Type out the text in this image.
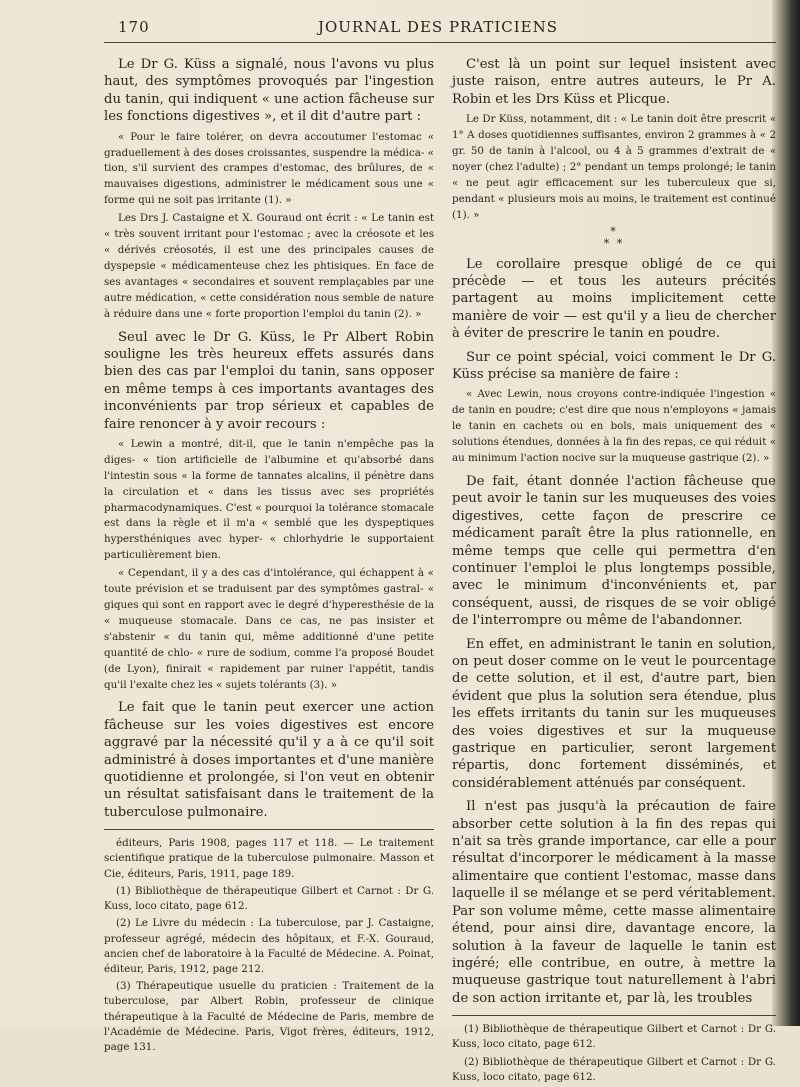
170	JOURNAL DES PRATICIENS

Le Dr G. Küss a signalé, nous l'avons vu plus haut, des symptômes provoqués par l'ingestion du tanin, qui indiquent « une action fâcheuse sur les fonctions digestives », et il dit d'autre part :

« Pour le faire tolérer, on devra accoutumer l'estomac « graduellement à des doses croissantes, suspendre la médica- « tion, s'il survient des crampes d'estomac, des brûlures, de « mauvaises digestions, administrer le médicament sous une « forme qui ne soit pas irritante (1). »

Les Drs J. Castaigne et X. Gouraud ont écrit : « Le tanin est « très souvent irritant pour l'estomac ; avec la créosote et les « dérivés créosotés, il est une des principales causes de dyspepsie « médicamenteuse chez les phtisiques. En face de ses avantages « secondaires et souvent remplaçables par une autre médication, « cette considération nous semble de nature à réduire dans une « forte proportion l'emploi du tanin (2). »

Seul avec le Dr G. Küss, le Pr Albert Robin souligne les très heureux effets assurés dans bien des cas par l'emploi du tanin, sans opposer en même temps à ces importants avantages des inconvénients par trop sérieux et capables de faire renoncer à y avoir recours :

« Lewin a montré, dit-il, que le tanin n'empêche pas la diges- « tion artificielle de l'albumine et qu'absorbé dans l'intestin sous « la forme de tannates alcalins, il pénètre dans la circulation et « dans les tissus avec ses propriétés pharmacodynamiques. C'est « pourquoi la tolérance stomacale est dans la règle et il m'a « semblé que les dyspeptiques hypersthéniques avec hyper- « chlorhydrie le supportaient particulièrement bien.

« Cependant, il y a des cas d'intolérance, qui échappent à « toute prévision et se traduisent par des symptômes gastral- « giques qui sont en rapport avec le degré d'hyperesthésie de la « muqueuse stomacale. Dans ce cas, ne pas insister et s'abstenir « du tanin qui, même additionné d'une petite quantité de chlo- « rure de sodium, comme l'a proposé Boudet (de Lyon), finirait « rapidement par ruiner l'appétit, tandis qu'il l'exalte chez les « sujets tolérants (3). »

Le fait que le tanin peut exercer une action fâcheuse sur les voies digestives est encore aggravé par la nécessité qu'il y a à ce qu'il soit administré à doses importantes et d'une manière quotidienne et prolongée, si l'on veut en obtenir un résultat satisfaisant dans le traitement de la tuberculose pulmonaire.

éditeurs, Paris 1908, pages 117 et 118. — Le traitement scientifique pratique de la tuberculose pulmonaire. Masson et Cie, éditeurs, Paris, 1911, page 189.

(1) Bibliothèque de thérapeutique Gilbert et Carnot : Dr G. Kuss, loco citato, page 612.

(2) Le Livre du médecin : La tuberculose, par J. Castaigne, professeur agrégé, médecin des hôpitaux, et F.-X. Gouraud, ancien chef de laboratoire à la Faculté de Médecine. A. Poinat, éditeur, Paris, 1912, page 212.

(3) Thérapeutique usuelle du praticien : Traitement de la tuberculose, par Albert Robin, professeur de clinique thérapeutique à la Faculté de Médecine de Paris, membre de l'Académie de Médecine. Paris, Vigot frères, éditeurs, 1912, page 131.

C'est là un point sur lequel insistent avec juste raison, entre autres auteurs, le Pr A. Robin et les Drs Küss et Plicque.

Le Dr Küss, notamment, dit : « Le tanin doit être prescrit « 1° A doses quotidiennes suffisantes, environ 2 grammes à « 2 gr. 50 de tanin à l'alcool, ou 4 à 5 grammes d'extrait de « noyer (chez l'adulte) ; 2° pendant un temps prolongé; le tanin « ne peut agir efficacement sur les tuberculeux que si, pendant « plusieurs mois au moins, le traitement est continué (1). »

*
* *

Le corollaire presque obligé de ce qui précède — et tous les auteurs précités partagent au moins implicitement cette manière de voir — est qu'il y a lieu de chercher à éviter de prescrire le tanin en poudre.

Sur ce point spécial, voici comment le Dr G. Küss précise sa manière de faire :

« Avec Lewin, nous croyons contre-indiquée l'ingestion « de tanin en poudre; c'est dire que nous n'employons « jamais le tanin en cachets ou en bols, mais uniquement des « solutions étendues, données à la fin des repas, ce qui réduit « au minimum l'action nocive sur la muqueuse gastrique (2). »

De fait, étant donnée l'action fâcheuse que peut avoir le tanin sur les muqueuses des voies digestives, cette façon de prescrire ce médicament paraît être la plus rationnelle, en même temps que celle qui permettra d'en continuer l'emploi le plus longtemps possible, avec le minimum d'inconvénients et, par conséquent, aussi, de risques de se voir obligé de l'interrompre ou même de l'abandonner.

En effet, en administrant le tanin en solution, on peut doser comme on le veut le pourcentage de cette solution, et il est, d'autre part, bien évident que plus la solution sera étendue, plus les effets irritants du tanin sur les muqueuses des voies digestives et sur la muqueuse gastrique en particulier, seront largement répartis, donc fortement disséminés, et considérablement atténués par conséquent.

Il n'est pas jusqu'à la précaution de faire absorber cette solution à la fin des repas qui n'ait sa très grande importance, car elle a pour résultat d'incorporer le médicament à la masse alimentaire que contient l'estomac, masse dans laquelle il se mélange et se perd véritablement. Par son volume même, cette masse alimentaire étend, pour ainsi dire, davantage encore, la solution à la faveur de laquelle le tanin est ingéré; elle contribue, en outre, à mettre la muqueuse gastrique tout naturellement à l'abri de son action irritante et, par là, les troubles

(1) Bibliothèque de thérapeutique Gilbert et Carnot : Dr G. Kuss, loco citato, page 612.

(2) Bibliothèque de thérapeutique Gilbert et Carnot : Dr G. Kuss, loco citato, page 612.
